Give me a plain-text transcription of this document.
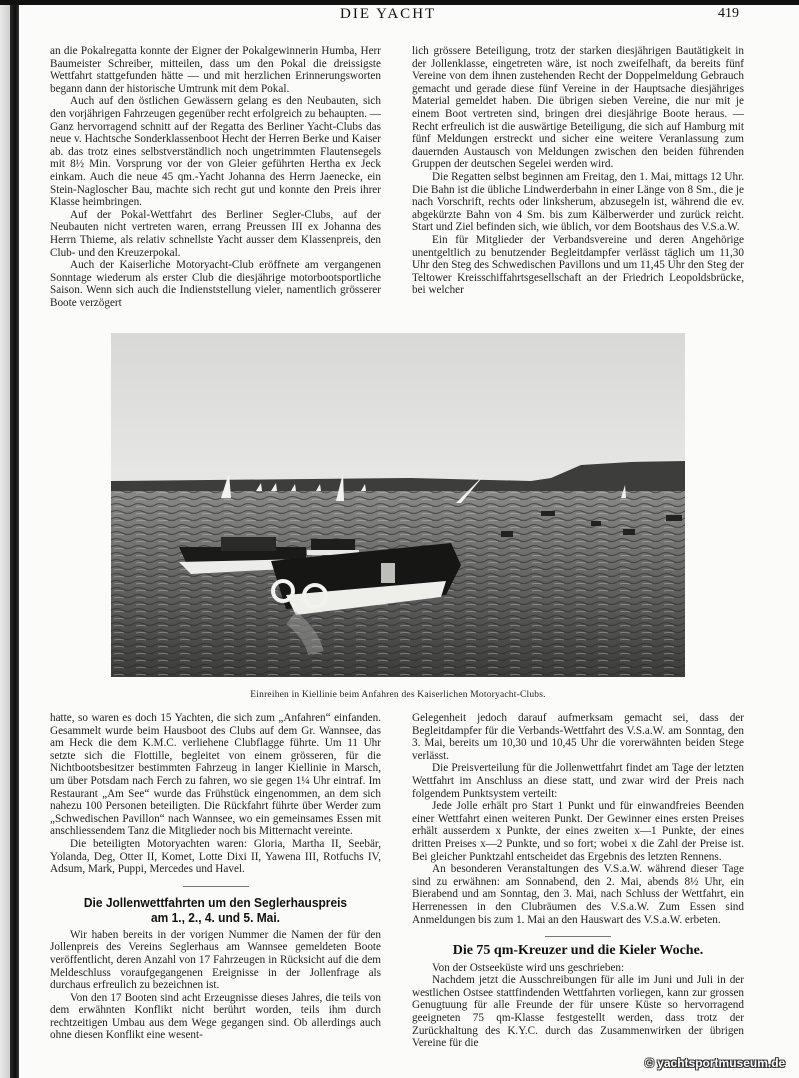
DIE YACHT	419

an die Pokalregatta konnte der Eigner der Pokalgewinnerin Humba, Herr Baumeister Schreiber, mitteilen, dass um den Pokal die dreissigste Wettfahrt stattgefunden hätte — und mit herzlichen Erinnerungsworten begann dann der historische Umtrunk mit dem Pokal.

Auch auf den östlichen Gewässern gelang es den Neubauten, sich den vorjährigen Fahrzeugen gegenüber recht erfolgreich zu behaupten. — Ganz hervorragend schnitt auf der Regatta des Berliner Yacht-Clubs das neue v. Hachtsche Sonderklassenboot Hecht der Herren Berke und Kaiser ab. das trotz eines selbstverständlich noch ungetrimmten Flautensegels mit 8½ Min. Vorsprung vor der von Gleier geführten Hertha ex Jeck einkam. Auch die neue 45 qm.-Yacht Johanna des Herrn Jaenecke, ein Stein-Nagloscher Bau, machte sich recht gut und konnte den Preis ihrer Klasse heimbringen.

Auf der Pokal-Wettfahrt des Berliner Segler-Clubs, auf der Neubauten nicht vertreten waren, errang Preussen III ex Johanna des Herrn Thieme, als relativ schnellste Yacht ausser dem Klassenpreis, den Club- und den Kreuzerpokal.

Auch der Kaiserliche Motoryacht-Club eröffnete am vergangenen Sonntage wiederum als erster Club die diesjährige motorbootsportliche Saison. Wenn sich auch die Indienststellung vieler, namentlich grösserer Boote verzögert

lich grössere Beteiligung, trotz der starken diesjährigen Bautätigkeit in der Jollenklasse, eingetreten wäre, ist noch zweifelhaft, da bereits fünf Vereine von dem ihnen zustehenden Recht der Doppelmeldung Gebrauch gemacht und gerade diese fünf Vereine in der Hauptsache diesjähriges Material gemeldet haben. Die übrigen sieben Vereine, die nur mit je einem Boot vertreten sind, bringen drei diesjährige Boote heraus. — Recht erfreulich ist die auswärtige Beteiligung, die sich auf Hamburg mit fünf Meldungen erstreckt und sicher eine weitere Veranlassung zum dauernden Austausch von Meldungen zwischen den beiden führenden Gruppen der deutschen Segelei werden wird.

Die Regatten selbst beginnen am Freitag, den 1. Mai, mittags 12 Uhr. Die Bahn ist die übliche Lindwerderbahn in einer Länge von 8 Sm., die je nach Vorschrift, rechts oder linksherum, abzusegeln ist, während die ev. abgekürzte Bahn von 4 Sm. bis zum Kälberwerder und zurück reicht. Start und Ziel befinden sich, wie üblich, vor dem Bootshaus des V.S.a.W.

Ein für Mitglieder der Verbandsvereine und deren Angehörige unentgeltlich zu benutzender Begleitdampfer verlässt täglich um 11,30 Uhr den Steg des Schwedischen Pavillons und um 11,45 Uhr den Steg der Teltower Kreisschiffahrtsgesellschaft an der Friedrich Leopoldsbrücke, bei welcher

Einreihen in Kiellinie beim Anfahren des Kaiserlichen Motoryacht-Clubs.

hatte, so waren es doch 15 Yachten, die sich zum „Anfahren“ einfanden. Gesammelt wurde beim Hausboot des Clubs auf dem Gr. Wannsee, das am Heck die dem K.M.C. verliehene Clubflagge führte. Um 11 Uhr setzte sich die Flottille, begleitet von einem grösseren, für die Nichtbootsbesitzer bestimmten Fahrzeug in langer Kiellinie in Marsch, um über Potsdam nach Ferch zu fahren, wo sie gegen 1¼ Uhr eintraf. Im Restaurant „Am See“ wurde das Frühstück eingenommen, an dem sich nahezu 100 Personen beteiligten. Die Rückfahrt führte über Werder zum „Schwedischen Pavillon“ nach Wannsee, wo ein gemeinsames Essen mit anschliessendem Tanz die Mitglieder noch bis Mitternacht vereinte.

Die beteiligten Motoryachten waren: Gloria, Martha II, Seebär, Yolanda, Deg, Otter II, Komet, Lotte Dixi II, Yawena III, Rotfuchs IV, Adsum, Mark, Puppi, Mercedes und Havel.

Die Jollenwettfahrten um den Seglerhauspreis
am 1., 2., 4. und 5. Mai.

Wir haben bereits in der vorigen Nummer die Namen der für den Jollenpreis des Vereins Seglerhaus am Wannsee gemeldeten Boote veröffentlicht, deren Anzahl von 17 Fahrzeugen in Rücksicht auf die dem Meldeschluss voraufgegangenen Ereignisse in der Jollenfrage als durchaus erfreulich zu bezeichnen ist.

Von den 17 Booten sind acht Erzeugnisse dieses Jahres, die teils von dem erwähnten Konflikt nicht berührt worden, teils ihm durch rechtzeitigen Umbau aus dem Wege gegangen sind. Ob allerdings auch ohne diesen Konflikt eine wesent-

Gelegenheit jedoch darauf aufmerksam gemacht sei, dass der Begleitdampfer für die Verbands-Wettfahrt des V.S.a.W. am Sonntag, den 3. Mai, bereits um 10,30 und 10,45 Uhr die vorerwähnten beiden Stege verlässt.

Die Preisverteilung für die Jollenwettfahrt findet am Tage der letzten Wettfahrt im Anschluss an diese statt, und zwar wird der Preis nach folgendem Punktsystem verteilt:

Jede Jolle erhält pro Start 1 Punkt und für einwandfreies Beenden einer Wettfahrt einen weiteren Punkt. Der Gewinner eines ersten Preises erhält ausserdem x Punkte, der eines zweiten x—1 Punkte, der eines dritten Preises x—2 Punkte, und so fort; wobei x die Zahl der Preise ist. Bei gleicher Punktzahl entscheidet das Ergebnis des letzten Rennens.

An besonderen Veranstaltungen des V.S.a.W. während dieser Tage sind zu erwähnen: am Sonnabend, den 2. Mai, abends 8½ Uhr, ein Bierabend und am Sonntag, den 3. Mai, nach Schluss der Wettfahrt, ein Herrenessen in den Clubräumen des V.S.a.W. Zum Essen sind Anmeldungen bis zum 1. Mai an den Hauswart des V.S.a.W. erbeten.

Die 75 qm-Kreuzer und die Kieler Woche.

Von der Ostseeküste wird uns geschrieben:

Nachdem jetzt die Ausschreibungen für alle im Juni und Juli in der westlichen Ostsee stattfindenden Wettfahrten vorliegen, kann zur grossen Genugtuung für alle Freunde der für unsere Küste so hervorragend geeigneten 75 qm-Klasse festgestellt werden, dass trotz der Zurückhaltung des K.Y.C. durch das Zusammenwirken der übrigen Vereine für die

© yachtsportmuseum.de
